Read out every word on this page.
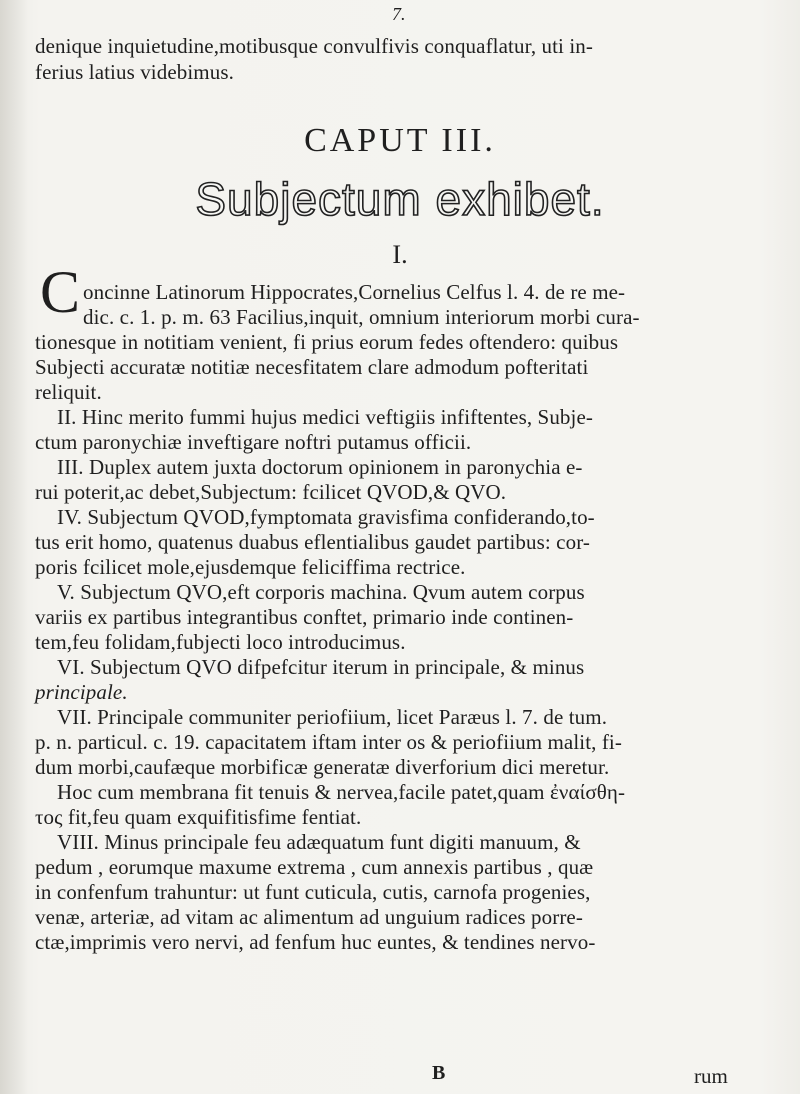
7.
denique inquietudine,motibusque convulfivis conquaflatur, uti in-
ferius latius videbimus.
CAPUT III.
Subjectum exhibet.
I.
C oncinne Latinorum Hippocrates,Cornelius Celfus l. 4. de re me-
dic. c. 1. p. m. 63 Facilius,inquit, omnium interiorum morbi cura-
tionesque in notitiam venient, fi prius eorum fedes oftendero: quibus
Subjecti accuratæ notitiæ necesfitatem clare admodum pofteritati
reliquit.
II. Hinc merito fummi hujus medici veftigiis infiftentes, Subje-
ctum paronychiæ inveftigare noftri putamus officii.
III. Duplex autem juxta doctorum opinionem in paronychia e-
rui poterit,ac debet,Subjectum: fcilicet QVOD,& QVO.
IV. Subjectum QVOD,fymptomata gravisfima confiderando,to-
tus erit homo, quatenus duabus eflentialibus gaudet partibus: cor-
poris fcilicet mole,ejusdemque feliciffima rectrice.
V. Subjectum QVO,eft corporis machina. Qvum autem corpus
variis ex partibus integrantibus conftet, primario inde continen-
tem,feu folidam,fubjecti loco introducimus.
VI. Subjectum QVO difpefcitur iterum in principale, & minus
principale.
VII. Principale communiter periofiium, licet Paræus l. 7. de tum.
p. n. particul. c. 19. capacitatem iftam inter os & periofiium malit, fi-
dum morbi,caufæque morbificæ generatæ diverforium dici meretur.
Hoc cum membrana fit tenuis & nervea,facile patet,quam ἐναίσθη-
τος fit,feu quam exquifitisfime fentiat.
VIII. Minus principale feu adæquatum funt digiti manuum, &
pedum , eorumque maxume extrema , cum annexis partibus , quæ
in confenfum trahuntur: ut funt cuticula, cutis, carnofa progenies,
venæ, arteriæ, ad vitam ac alimentum ad unguium radices porre-
ctæ,imprimis vero nervi, ad fenfum huc euntes, & tendines nervo-
B	rum
